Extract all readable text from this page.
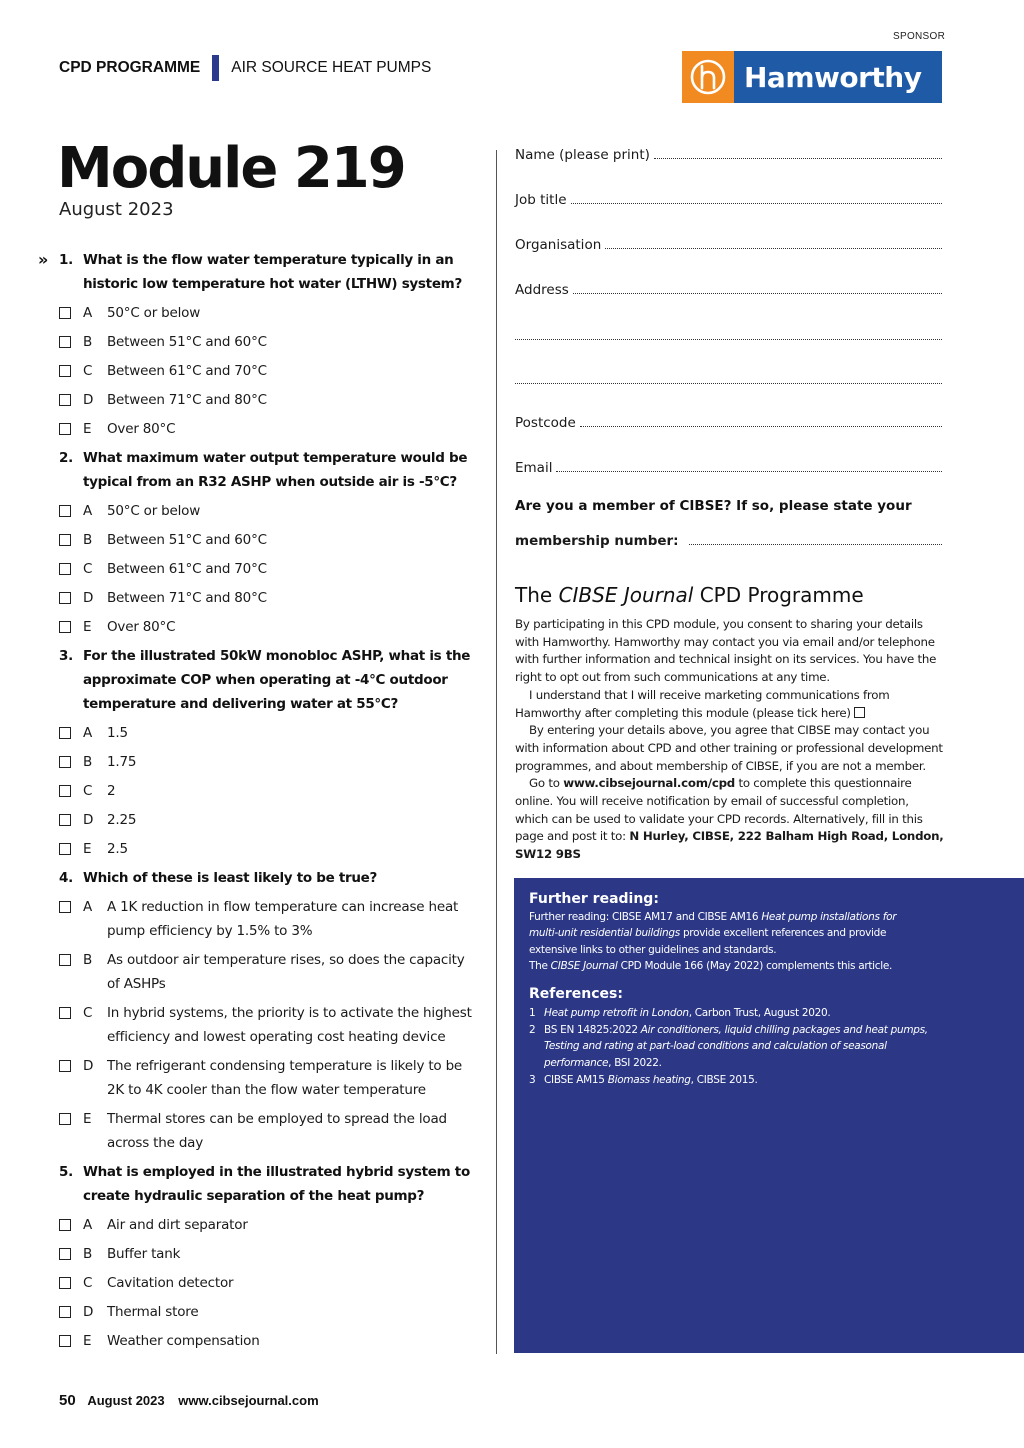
SPONSOR
CPD PROGRAMME AIR SOURCE HEAT PUMPS	Hamworthy
Module 219
August 2023
» 1. What is the flow water temperature typically in an historic low temperature hot water (LTHW) system?
A 50°C or below
B Between 51°C and 60°C
C Between 61°C and 70°C
D Between 71°C and 80°C
E Over 80°C
2. What maximum water output temperature would be typical from an R32 ASHP when outside air is -5°C?
A 50°C or below
B Between 51°C and 60°C
C Between 61°C and 70°C
D Between 71°C and 80°C
E Over 80°C
3. For the illustrated 50kW monobloc ASHP, what is the approximate COP when operating at -4°C outdoor temperature and delivering water at 55°C?
A 1.5
B 1.75
C 2
D 2.25
E 2.5
4. Which of these is least likely to be true?
A A 1K reduction in flow temperature can increase heat pump efficiency by 1.5% to 3%
B As outdoor air temperature rises, so does the capacity of ASHPs
C In hybrid systems, the priority is to activate the highest efficiency and lowest operating cost heating device
D The refrigerant condensing temperature is likely to be 2K to 4K cooler than the flow water temperature
E Thermal stores can be employed to spread the load across the day
5. What is employed in the illustrated hybrid system to create hydraulic separation of the heat pump?
A Air and dirt separator
B Buffer tank
C Cavitation detector
D Thermal store
E Weather compensation
Name (please print)
Job title
Organisation
Address
Postcode
Email
Are you a member of CIBSE? If so, please state your
membership number:
The CIBSE Journal CPD Programme

By participating in this CPD module, you consent to sharing your details with Hamworthy. Hamworthy may contact you via email and/or telephone with further information and technical insight on its services. You have the right to opt out from such communications at any time.

I understand that I will receive marketing communications from Hamworthy after completing this module (please tick here)

By entering your details above, you agree that CIBSE may contact you with information about CPD and other training or professional development programmes, and about membership of CIBSE, if you are not a member.

Go to www.cibsejournal.com/cpd to complete this questionnaire online. You will receive notification by email of successful completion, which can be used to validate your CPD records. Alternatively, fill in this page and post it to: N Hurley, CIBSE, 222 Balham High Road, London, SW12 9BS

Further reading:
Further reading: CIBSE AM17 and CIBSE AM16 Heat pump installations for multi-unit residential buildings provide excellent references and provide extensive links to other guidelines and standards.
The CIBSE Journal CPD Module 166 (May 2022) complements this article.
References:
1 Heat pump retrofit in London, Carbon Trust, August 2020.
2 BS EN 14825:2022 Air conditioners, liquid chilling packages and heat pumps, Testing and rating at part-load conditions and calculation of seasonal performance, BSI 2022.
3 CIBSE AM15 Biomass heating, CIBSE 2015.
50 August 2023 www.cibsejournal.com
